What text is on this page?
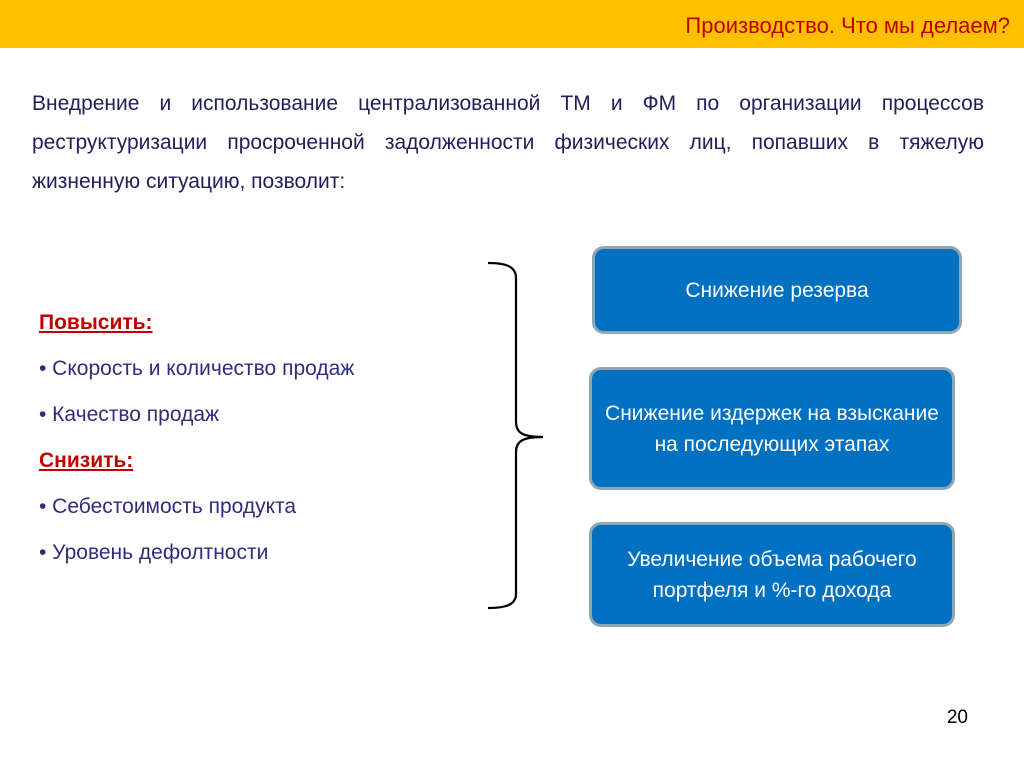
Производство. Что мы делаем?

Внедрение и использование централизованной ТМ и ФМ по организации процессов реструктуризации просроченной задолженности физических лиц, попавших в тяжелую жизненную ситуацию, позволит:

Повысить:
• Скорость и количество продаж
• Качество продаж
Снизить:
• Себестоимость продукта
• Уровень дефолтности
Снижение резерва
Снижение издержек на взыскание на последующих этапах
Увеличение объема рабочего портфеля и %-го дохода
20
